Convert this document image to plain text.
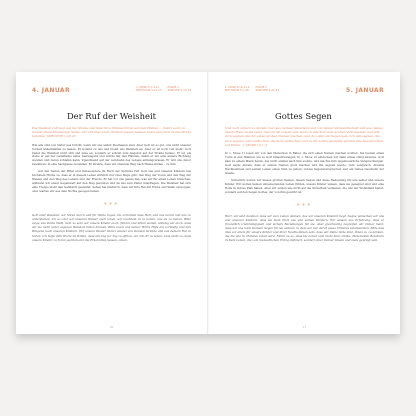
4. JANUAR	1. MOSE 7,1–9,17
MATTHÄUS 4,12–25
PSALM 4
SPRÜCHE 1,10–19
Der Ruf der Weisheit

Die Weisheit ruft laut auf der Straße und lässt ihre Stimme hören auf den Plätzen … Kehrt euch zu meiner Zurechtweisung! Siehe, ich will über euch strömen lassen meinen Geist und euch meine Worte kundtun. SPRÜCHE 1,20.23

Wie alle sind von Natur aus töricht; wenn wir uns selbst überlassen sind. Aber Gott ist so gut, uns nicht unserer Torheit anheimfallen zu lassen. Er kommt zu uns und bietet uns Weisheit an. Aber er ist noch viel mehr: Gott bietet die Weisheit nicht still und leise an, sondern er schreit zum Angebot auf der Straße heraus. Er ist, als stehe er auf der Ladefläche eines Lastwagens und würde mit den Händen, damit er um eine andere Richtung wenden und deren schlafen kann, irgendwann auf der Autobahn des Lebens entlangzurasen. Er will uns davor bewahren, in eine Sackgasse zu landen. Er strebte, dass wir unserem Weg nach Hause finden – zu ihm.

Auf den Seiten der Bibel und insbesondere im Buch der Sprüche ruft Gott uns und unseren Kindern aus höchstem Hörbe zu, dass er in diesem Leben wirklich nur zwei Wege gibt: den Weg der Toren und den Weg der Weisen und den Weg des Lebens und der Freude. Er hat vor uns genau das, was wir für einen Leben brauchen, während wir unser Gegenwart auf den Weg gestoßen und da uns zum Zieler missfragen. Die Weisheit hat sich eine Treppe mehr den Gebhardt gestattet. Sehen Sie hindurch, dass wir Ihre Rat mit Hiobs und Wahn versorgen, oder warten wir aus dem Nichts gesogen haben.

✳✳✳

Gott aller Weisheit, wir hören durch und für Ihnde ragen, Du ermahnst dass Herz und uns bereit und uns zu unterstehen, ich so oder wir unseren Kinder auch leben, wir machtest zu in haben, uns du zu lieben. Bitte zeige uns Deine Wahl. Gott so sehr wir unsere Kinder auch, führen und leiten wollen, ständig wir doch, dass wir sie nicht unter eigenen Weisheit hüten können. Bitte mach uns sicher. Hörte Hilfe auf vorläufig und den Hingebe nach unseren Kindern. Hof unsere Kinder immer wieder von Deinem Gründe und aus deinem Rat zu hören. Ich hoffe dein Worte ist Willen, dass mit Tag fur Tag zu öffnen, um mit dir zu leben. Lass nicht zu, dass unsere Kinder zu Toren werden und die Erkenntnis hassen. Amen.

16
1. MOSE 9,18–11,9
MATTHÄUS 5,1–26
PSALM 5
SPRÜCHE 1,20–23	5. JANUAR
Gottes Segen

Und Gott sprach zu Abram: Geh aus deinem Vaterland und von deiner Verwandtschaft und aus deines Vaters Haus in ein Land, das ich dir zeigen will. Und ich will dich zum großen Volk machen und will dich segnen und dir einen großen Namen machen, und du sollst ein Segen sein. Ich will segnen, die dich segnen, und verfluchen, die dich verfluchen; und in dir sollen gesegnet werden alle Geschlechter auf Erden. 1. MOSE 12,1–3

In 1. Mose 11 lesen wir von den Menschen in Babel, die sich einen Namen machen wollten. Sie bauten einen Turm in den Himmel, um zu Gott hinaufzusteigen. In 1. Mose 12 entdecken wir dann etwas völlig anderes. Gott kam zu einem Mann herab, der nicht einmal nach ihm suchte, und machte ihm ungeheuerliche Versprechungen. Gott sagte Abram, dass er seinen Namen groß machen und ihn segnen werde. Gott versprach, Abrams Nachkommen und seinen Leben einen Sinn zu geben. Gottes Segensversprechen war ein reines Geschenk der Gnade.

Sicherlich wollen wir diesen großen Namen, diesen Segen und diese Bedeutung für uns selbst und unsere Kinder. Wir wollen keinen unbedeutenden Leben führen, unsere Kinder wissen, dass sie gesegnet sind und eine Rolle in Gottes Plan haben. Aber wir wollen uns nicht auf die Sicherheit verlassen, die uns der Wohlstand bietet, sondern auf den Segen Gottes, der von ihm gewirkt ist.

✳✳✳

Herr, wir sind dankbar, dass wir zum Leben danken, das wir unseren Kindern liegt, Segne wünschen wir uns und unseren Kindern, dass sie Dein Wort aus und seinen Kindern. Wir wissen aus Erfahrung, dass er freundlich Unabhängigkeit und sicheln Beziehungen für sie. Aber gleichzeitig begreifen wir immer mehr, dass wir uns nach Deinem Segen für sie sehnen, in dem wir nur durch Jesus Christus zuteilwerden. Bitte lass dies vor allem für unsere Kinder und ihrer Nachkommen sein, dass wir Deine Güte sind, Ihnen zu zu danken, die Du uns in Christus zuteil wird. Führe es so, dass Du Leben sich nicht über Größe, Materiellen Reichtum in Dein Leben, die vom menschlichen Erfolg definiert, sondern über Deiner Gnade und Gute geprägt sein.

17
